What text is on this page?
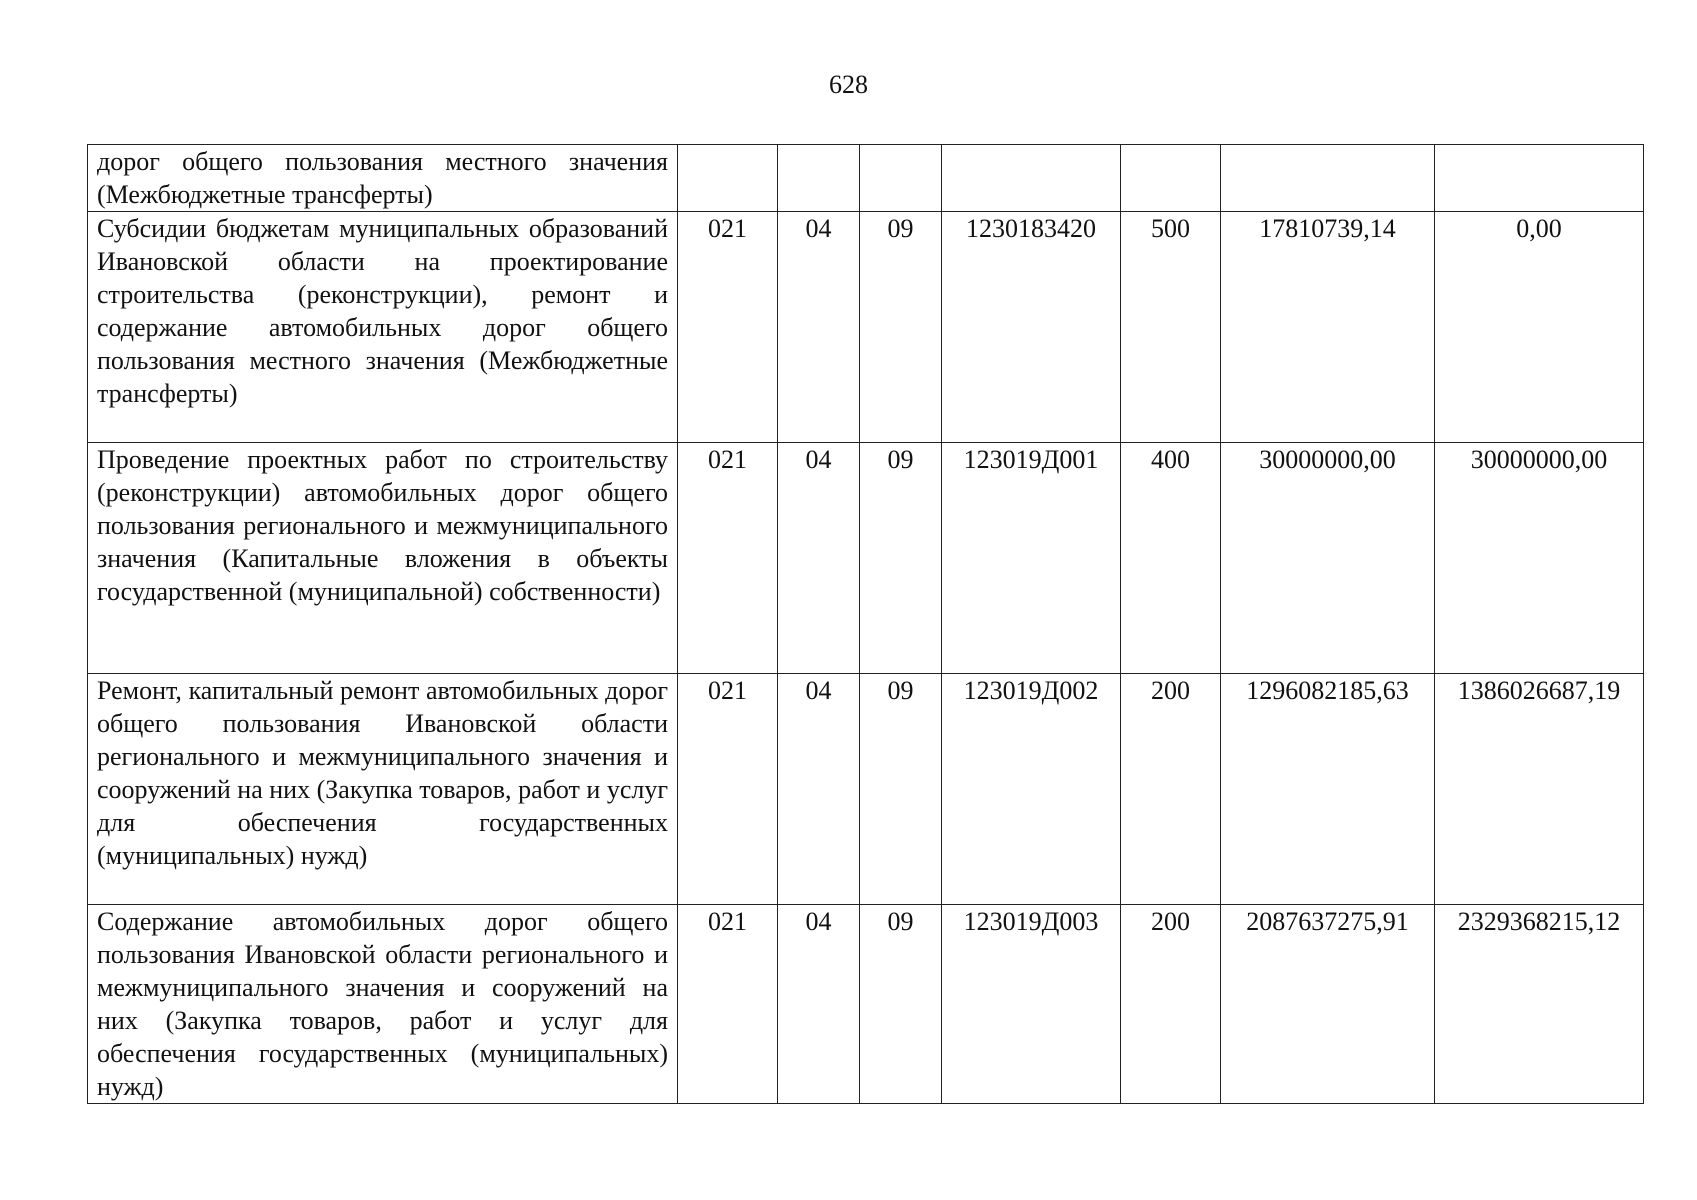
628
дорог общего пользования местного значения (Межбюджетные трансферты)							
Субсидии бюджетам муниципальных образований Ивановской области на проектирование строительства (реконструкции), ремонт и содержание автомобильных дорог общего пользования местного значения (Межбюджетные трансферты)	021	04	09	1230183420	500	17810739,14	0,00
Проведение проектных работ по строительству (реконструкции) автомобильных дорог общего пользования регионального и межмуниципального значения (Капитальные вложения в объекты государственной (муниципальной) собственности)	021	04	09	123019Д001	400	30000000,00	30000000,00
Ремонт, капитальный ремонт автомобильных дорог общего пользования Ивановской области регионального и межмуниципального значения и сооружений на них (Закупка товаров, работ и услуг для обеспечения государственных (муниципальных) нужд)	021	04	09	123019Д002	200	1296082185,63	1386026687,19
Содержание автомобильных дорог общего пользования Ивановской области регионального и межмуниципального значения и сооружений на них (Закупка товаров, работ и услуг для обеспечения государственных (муниципальных) нужд)	021	04	09	123019Д003	200	2087637275,91	2329368215,12
